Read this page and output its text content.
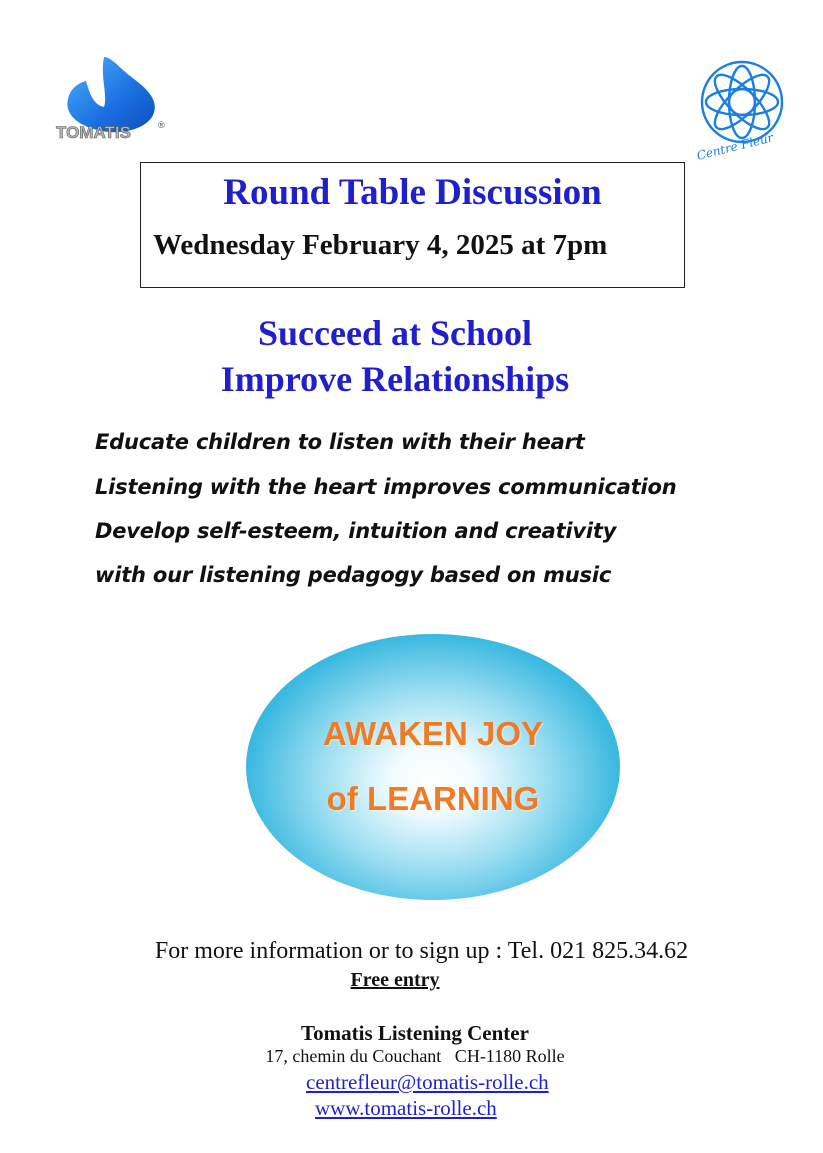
TOMATIS	®
Centre Fleur
Round Table Discussion
Wednesday February 4, 2025 at 7pm
Succeed at School
Improve Relationships
Educate children to listen with their heart
Listening with the heart improves communication
Develop self-esteem, intuition and creativity
with our listening pedagogy based on music
AWAKEN JOY
of LEARNING
For more information or to sign up : Tel. 021 825.34.62
Free entry
Tomatis Listening Center
17, chemin du Couchant   CH-1180 Rolle
centrefleur@tomatis-rolle.ch
www.tomatis-rolle.ch
